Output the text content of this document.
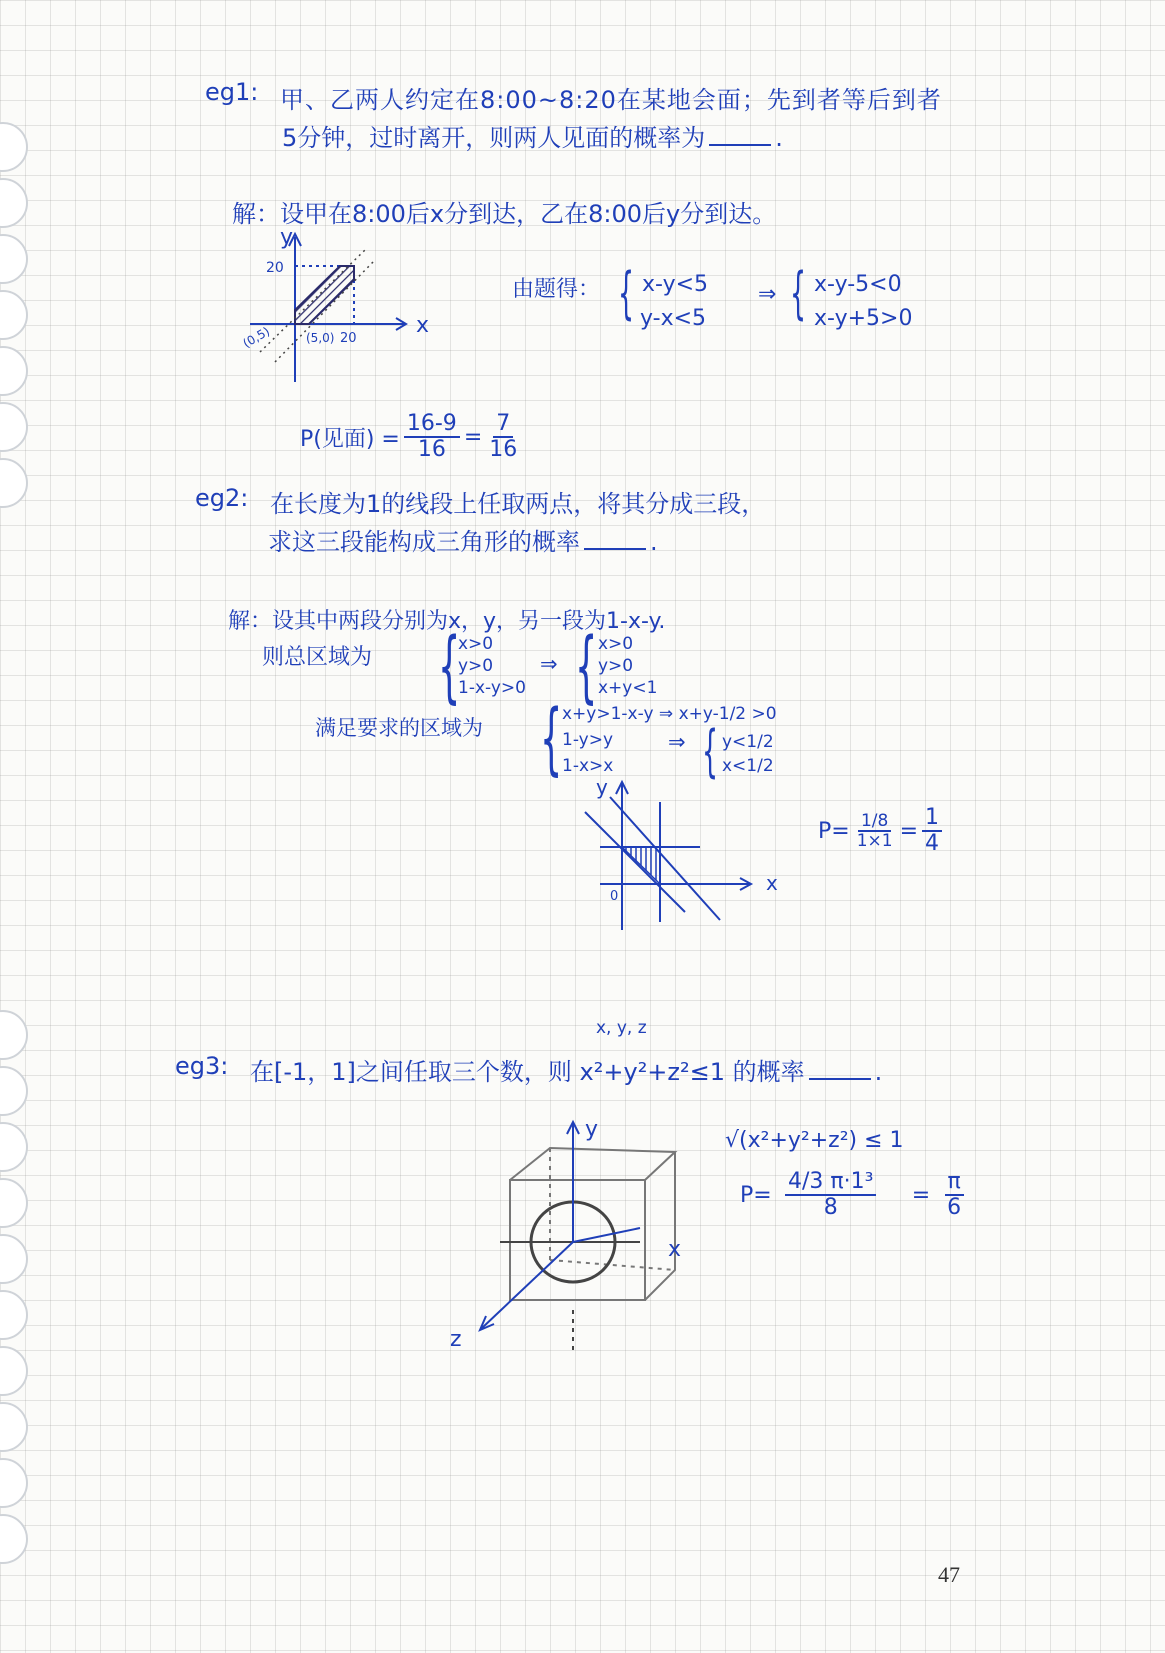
eg1: 甲、乙两人约定在8:00~8:20在某地会面；先到者等后到者
5分钟，过时离开，则两人见面的概率为	.
解：设甲在8:00后x分到达，乙在8:00后y分到达。
y
x
20
20
(0,5)	(5,0)
由题得： { x-y<5
y-x<5
⇒ { x-y-5<0
x-y+5>0
P(见面) = $\frac{16-9}{16} = \frac{7}{16}$
eg2: 在长度为1的线段上任取两点，将其分成三段，
求这三段能构成三角形的概率	.
解：设其中两段分别为x，y，另一段为1-x-y.
则总区域为 {
x>0
y>0
1-x-y>0
⇒ { x>0
y>0
x+y<1
满足要求的区域为 { x+y>1-x-y ⇒ x+y-1/2 >0
1-y>y
1-x>x
⇒ { y<1/2
x<1/2
y
x
0
$P= \frac{1/8}{1\times 1} = \frac{1}{4}$
x, y, z
eg3: 在[-1，1]之间任取三个数，则 x²+y²+z²≤1 的概率	.
√(x²+y²+z²) ≤ 1
y
x
z
$P= \frac{\text{4/3 π·1³}}{8} = \frac{\pi}{6}$
47
